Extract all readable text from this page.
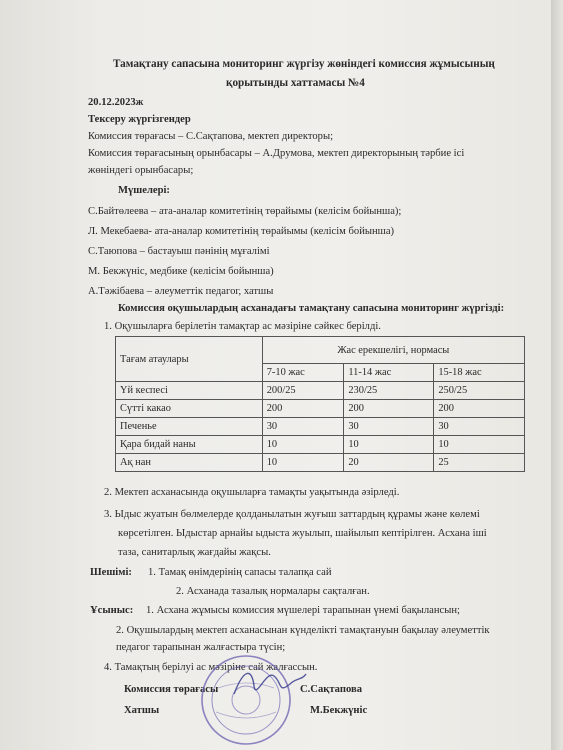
Тамақтану сапасына мониторинг жүргізу жөніндегі комиссия жұмысының
қорытынды хаттамасы №4
20.12.2023ж
Тексеру жүргізгендер
Комиссия төрағасы – С.Сақтапова, мектеп директоры;
Комиссия төрағасының орынбасары – А.Друмова, мектеп директорының тәрбие ісі
жөніндегі орынбасары;
Мүшелері:
С.Байтөлеева – ата-аналар комитетінің төрайымы (келісім бойынша);
Л. Мекебаева- ата-аналар комитетінің төрайымы (келісім бойынша)
С.Таюпова – бастауыш пәнінің мұғалімі
М. Бекжүніс, медбике (келісім бойынша)
А.Тәжібаева – әлеуметтік педагог, хатшы
Комиссия оқушылардың асханадағы тамақтану сапасына мониторинг жүргізді:
1. Оқушыларға берілетін тамақтар ас мәзіріне сәйкес берілді.
Тағам атаулары	Жас ерекшелігі, нормасы		
	7-10 жас	11-14 жас	15-18 жас
Үй кеспесі	200/25	230/25	250/25
Сүтті какао	200	200	200
Печенье	30	30	30
Қара бидай наны	10	10	10
Ақ нан	10	20	25
2. Мектеп асханасында оқушыларға тамақты уақытында әзірледі.
3. Ыдыс жуатын бөлмелерде қолданылатын жуғыш заттардың құрамы және көлемі
көрсетілген. Ыдыстар арнайы ыдыста жуылып, шайылып кептірілген. Асхана іші
таза, санитарлық жағдайы жақсы.
Шешімі: 1. Тамақ өнімдерінің сапасы талапқа сай
2. Асханада тазалық нормалары сақталған.
Ұсыныс: 1. Асхана жұмысы комиссия мүшелері тарапынан үнемі бақылансын;
2. Оқушылардың мектеп асханасынан күнделікті тамақтануын бақылау әлеуметтік
педагог тарапынан жалғастыра түсін;
4. Тамақтың берілуі ас мәзіріне сай жалғассын.
Комиссия төрағасы	С.Сақтапова
Хатшы	М.Бекжүніс
